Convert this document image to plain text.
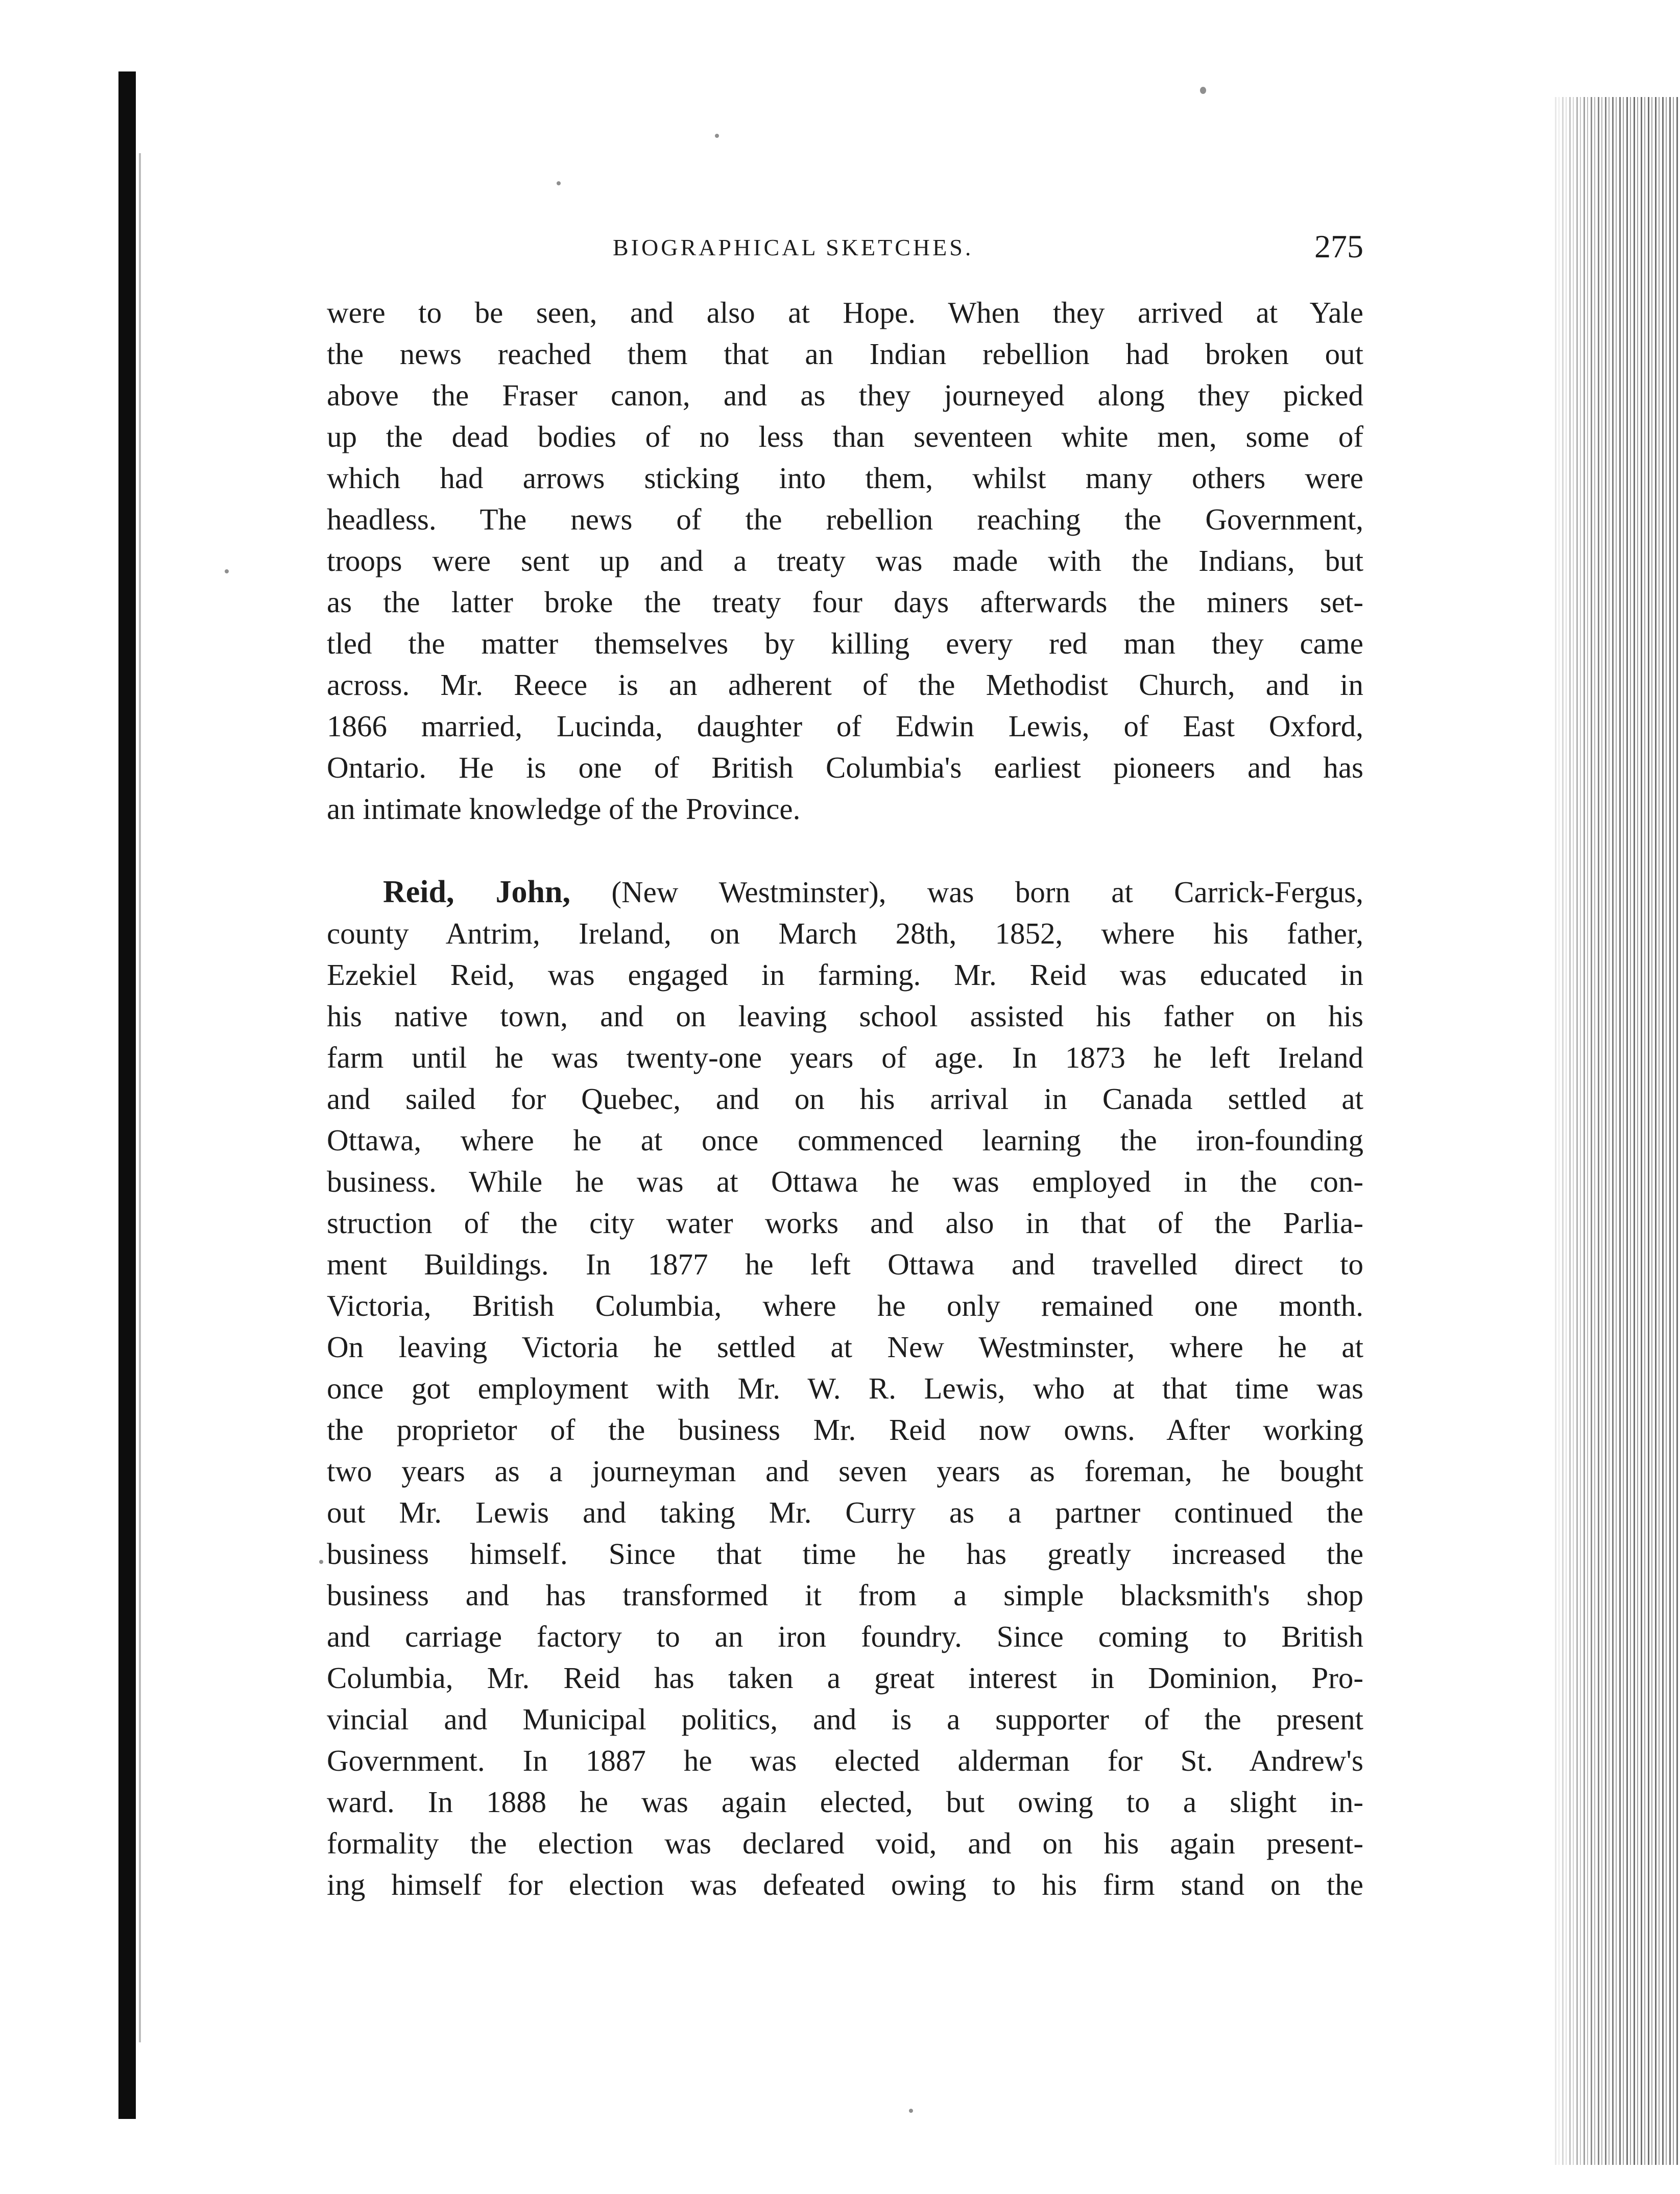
BIOGRAPHICAL SKETCHES.	275
were to be seen, and also at Hope. When they arrived at Yale
the news reached them that an Indian rebellion had broken out
above the Fraser canon, and as they journeyed along they picked
up the dead bodies of no less than seventeen white men, some of
which had arrows sticking into them, whilst many others were
headless. The news of the rebellion reaching the Government,
troops were sent up and a treaty was made with the Indians, but
as the latter broke the treaty four days afterwards the miners set-
tled the matter themselves by killing every red man they came
across. Mr. Reece is an adherent of the Methodist Church, and in
1866 married, Lucinda, daughter of Edwin Lewis, of East Oxford,
Ontario. He is one of British Columbia's earliest pioneers and has
an intimate knowledge of the Province.
Reid, John, (New Westminster), was born at Carrick-Fergus,
county Antrim, Ireland, on March 28th, 1852, where his father,
Ezekiel Reid, was engaged in farming. Mr. Reid was educated in
his native town, and on leaving school assisted his father on his
farm until he was twenty-one years of age. In 1873 he left Ireland
and sailed for Quebec, and on his arrival in Canada settled at
Ottawa, where he at once commenced learning the iron-founding
business. While he was at Ottawa he was employed in the con-
struction of the city water works and also in that of the Parlia-
ment Buildings. In 1877 he left Ottawa and travelled direct to
Victoria, British Columbia, where he only remained one month.
On leaving Victoria he settled at New Westminster, where he at
once got employment with Mr. W. R. Lewis, who at that time was
the proprietor of the business Mr. Reid now owns. After working
two years as a journeyman and seven years as foreman, he bought
out Mr. Lewis and taking Mr. Curry as a partner continued the
business himself. Since that time he has greatly increased the
business and has transformed it from a simple blacksmith's shop
and carriage factory to an iron foundry. Since coming to British
Columbia, Mr. Reid has taken a great interest in Dominion, Pro-
vincial and Municipal politics, and is a supporter of the present
Government. In 1887 he was elected alderman for St. Andrew's
ward. In 1888 he was again elected, but owing to a slight in-
formality the election was declared void, and on his again present-
ing himself for election was defeated owing to his firm stand on the
